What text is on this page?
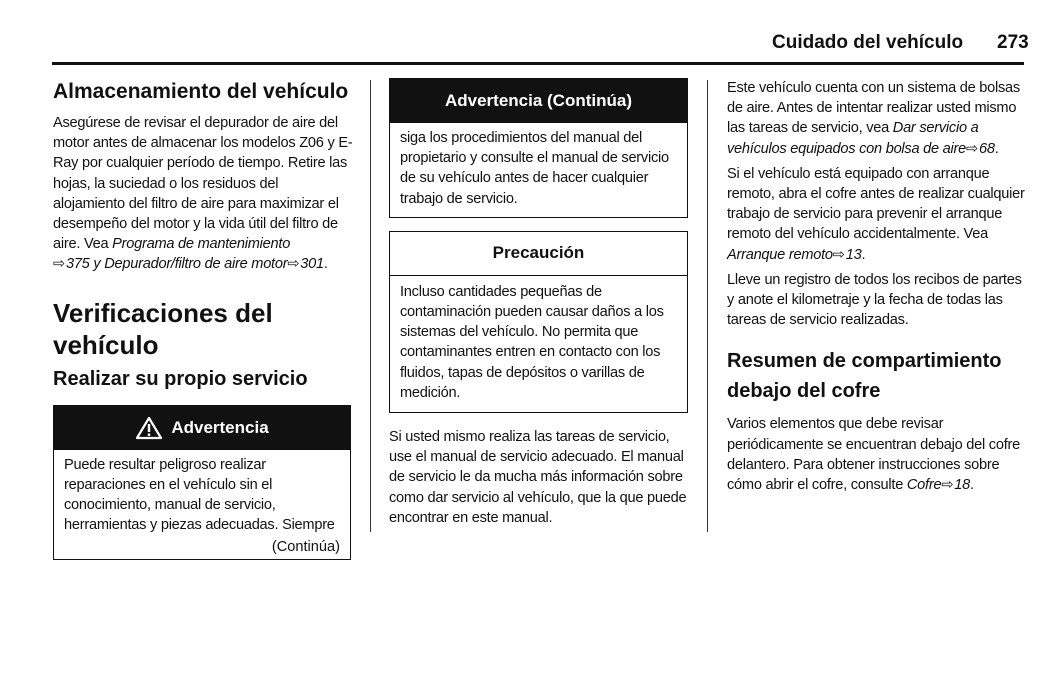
Cuidado del vehículo 273
Almacenamiento del vehículo

Asegúrese de revisar el depurador de aire del motor antes de almacenar los modelos Z06 y E-Ray por cualquier período de tiempo. Retire las hojas, la suciedad o los residuos del alojamiento del filtro de aire para maximizar el desempeño del motor y la vida útil del filtro de aire. Vea Programa de mantenimiento
⇨ 375 y Depurador/filtro de aire motor⇨ 301.

Verificaciones del vehículo
Realizar su propio servicio
Advertencia

Puede resultar peligroso realizar reparaciones en el vehículo sin el conocimiento, manual de servicio, herramientas y piezas adecuadas. Siempre

(Continúa)
Advertencia (Continúa)

siga los procedimientos del manual del propietario y consulte el manual de servicio de su vehículo antes de hacer cualquier trabajo de servicio.

Precaución

Incluso cantidades pequeñas de contaminación pueden causar daños a los sistemas del vehículo. No permita que contaminantes entren en contacto con los fluidos, tapas de depósitos o varillas de medición.

Si usted mismo realiza las tareas de servicio, use el manual de servicio adecuado. El manual de servicio le da mucha más información sobre como dar servicio al vehículo, que la que puede encontrar en este manual.

Este vehículo cuenta con un sistema de bolsas de aire. Antes de intentar realizar usted mismo las tareas de servicio, vea Dar servicio a vehículos equipados con bolsa de aire⇨ 68.

Si el vehículo está equipado con arranque remoto, abra el cofre antes de realizar cualquier trabajo de servicio para prevenir el arranque remoto del vehículo accidentalmente. Vea Arranque remoto⇨ 13.

Lleve un registro de todos los recibos de partes y anote el kilometraje y la fecha de todas las tareas de servicio realizadas.

Resumen de compartimiento debajo del cofre

Varios elementos que debe revisar periódicamente se encuentran debajo del cofre delantero. Para obtener instrucciones sobre cómo abrir el cofre, consulte Cofre⇨ 18.
